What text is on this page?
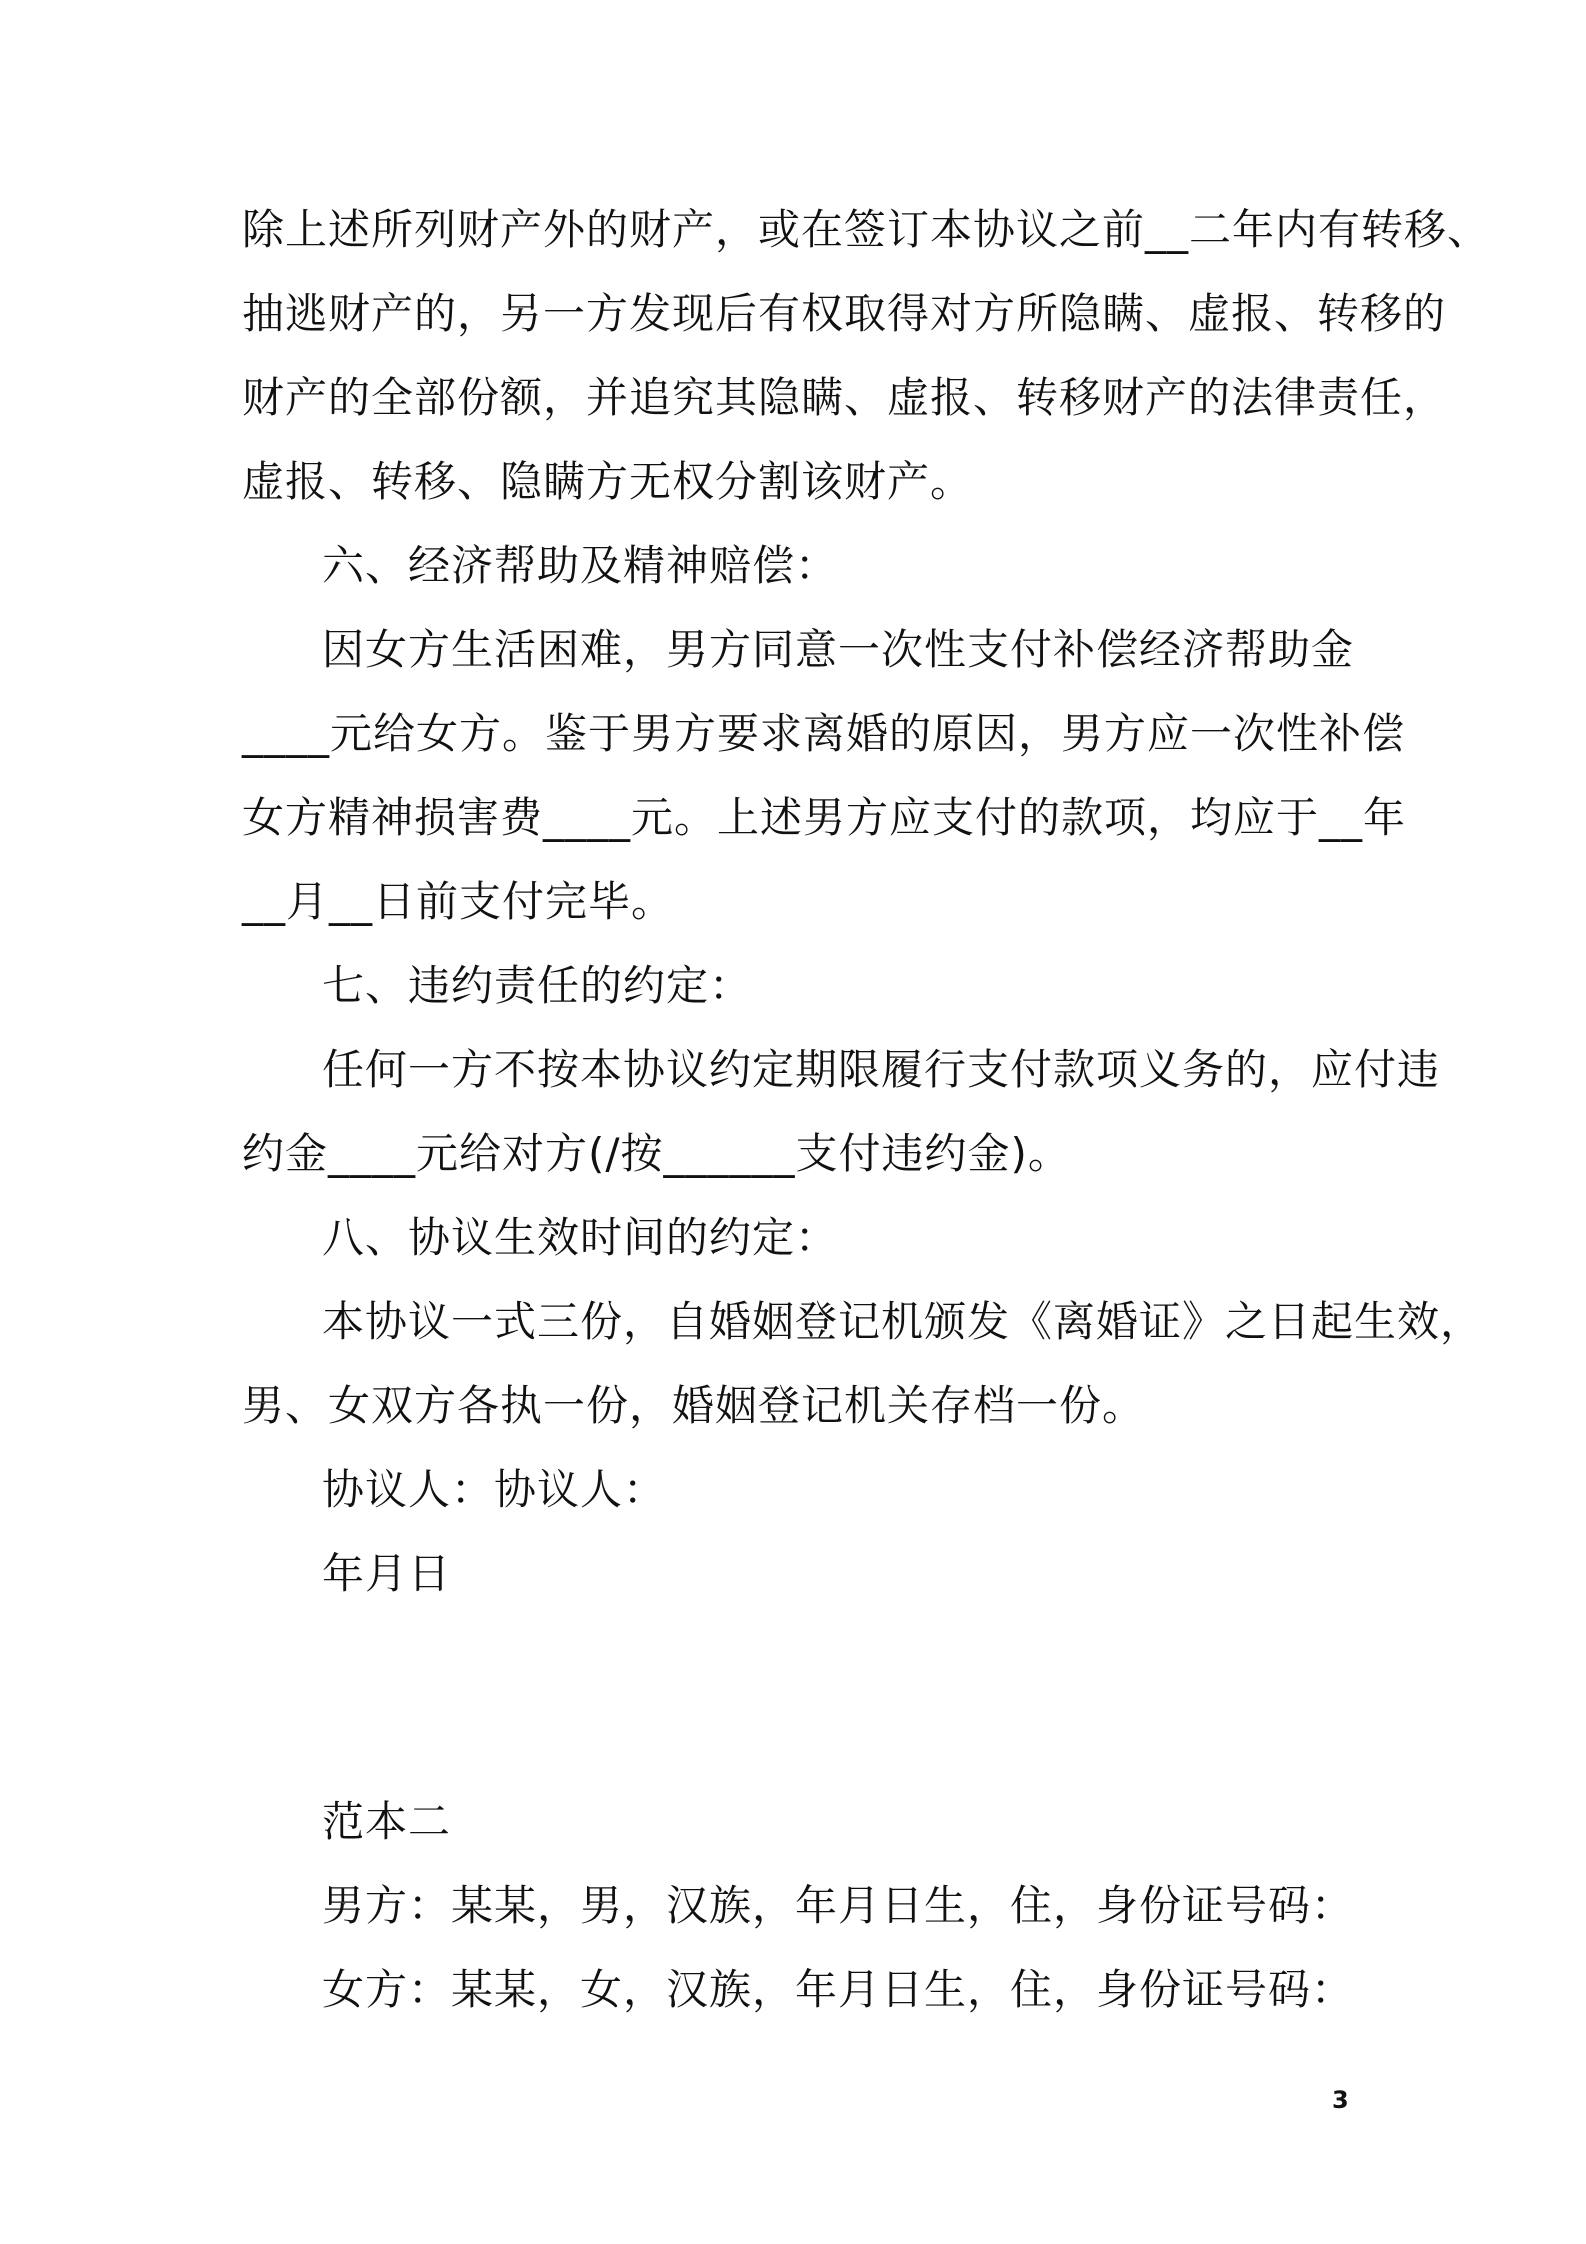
除上述所列财产外的财产，或在签订本协议之前__二年内有转移、
抽逃财产的，另一方发现后有权取得对方所隐瞒、虚报、转移的
财产的全部份额，并追究其隐瞒、虚报、转移财产的法律责任，
虚报、转移、隐瞒方无权分割该财产。
六、经济帮助及精神赔偿：
因女方生活困难，男方同意一次性支付补偿经济帮助金
____元给女方。鉴于男方要求离婚的原因，男方应一次性补偿
女方精神损害费____元。上述男方应支付的款项，均应于__年
__月__日前支付完毕。
七、违约责任的约定：
任何一方不按本协议约定期限履行支付款项义务的，应付违
约金____元给对方(/按______支付违约金)。
八、协议生效时间的约定：
本协议一式三份，自婚姻登记机颁发《离婚证》之日起生效，
男、女双方各执一份，婚姻登记机关存档一份。
协议人：协议人：
年月日
范本二
男方：某某，男，汉族，年月日生，住，身份证号码：
女方：某某，女，汉族，年月日生，住，身份证号码：
3
